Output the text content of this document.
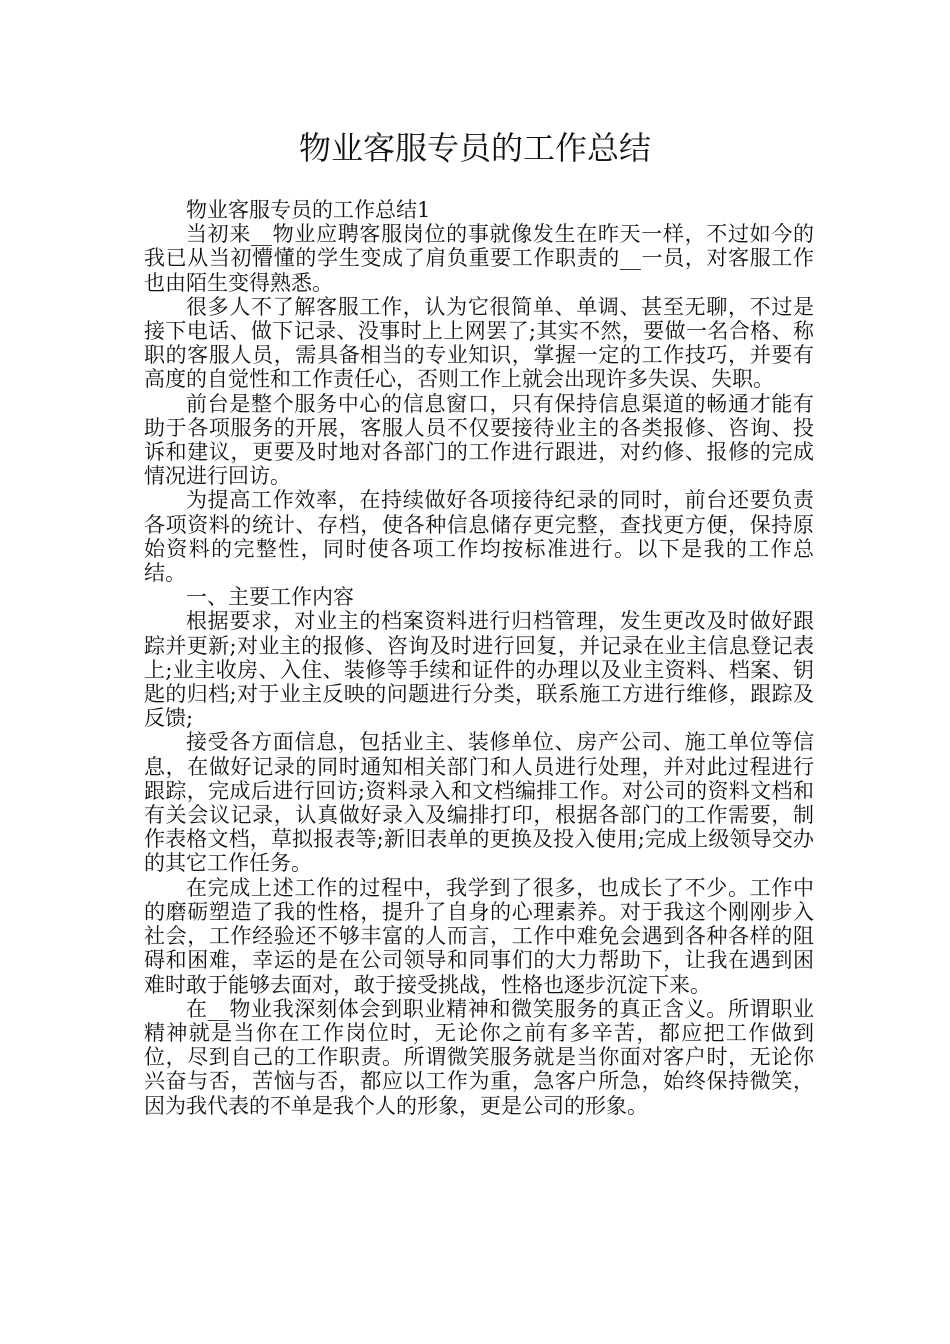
物业客服专员的工作总结

物业客服专员的工作总结1

当初来__物业应聘客服岗位的事就像发生在昨天一样，不过如今的我已从当初懵懂的学生变成了肩负重要工作职责的__一员，对客服工作也由陌生变得熟悉。

很多人不了解客服工作，认为它很简单、单调、甚至无聊，不过是接下电话、做下记录、没事时上上网罢了;其实不然，要做一名合格、称职的客服人员，需具备相当的专业知识，掌握一定的工作技巧，并要有高度的自觉性和工作责任心，否则工作上就会出现许多失误、失职。

前台是整个服务中心的信息窗口，只有保持信息渠道的畅通才能有助于各项服务的开展，客服人员不仅要接待业主的各类报修、咨询、投诉和建议，更要及时地对各部门的工作进行跟进，对约修、报修的完成情况进行回访。

为提高工作效率，在持续做好各项接待纪录的同时，前台还要负责各项资料的统计、存档，使各种信息储存更完整，查找更方便，保持原始资料的完整性，同时使各项工作均按标准进行。以下是我的工作总结。

一、主要工作内容

根据要求，对业主的档案资料进行归档管理，发生更改及时做好跟踪并更新;对业主的报修、咨询及时进行回复，并记录在业主信息登记表上;业主收房、入住、装修等手续和证件的办理以及业主资料、档案、钥匙的归档;对于业主反映的问题进行分类，联系施工方进行维修，跟踪及反馈;

接受各方面信息，包括业主、装修单位、房产公司、施工单位等信息，在做好记录的同时通知相关部门和人员进行处理，并对此过程进行跟踪，完成后进行回访;资料录入和文档编排工作。对公司的资料文档和有关会议记录，认真做好录入及编排打印，根据各部门的工作需要，制作表格文档，草拟报表等;新旧表单的更换及投入使用;完成上级领导交办的其它工作任务。

在完成上述工作的过程中，我学到了很多，也成长了不少。工作中的磨砺塑造了我的性格，提升了自身的心理素养。对于我这个刚刚步入社会，工作经验还不够丰富的人而言，工作中难免会遇到各种各样的阻碍和困难，幸运的是在公司领导和同事们的大力帮助下，让我在遇到困难时敢于能够去面对，敢于接受挑战，性格也逐步沉淀下来。

在__物业我深刻体会到职业精神和微笑服务的真正含义。所谓职业精神就是当你在工作岗位时，无论你之前有多辛苦，都应把工作做到位，尽到自己的工作职责。所谓微笑服务就是当你面对客户时，无论你兴奋与否，苦恼与否，都应以工作为重，急客户所急，始终保持微笑，因为我代表的不单是我个人的形象，更是公司的形象。
